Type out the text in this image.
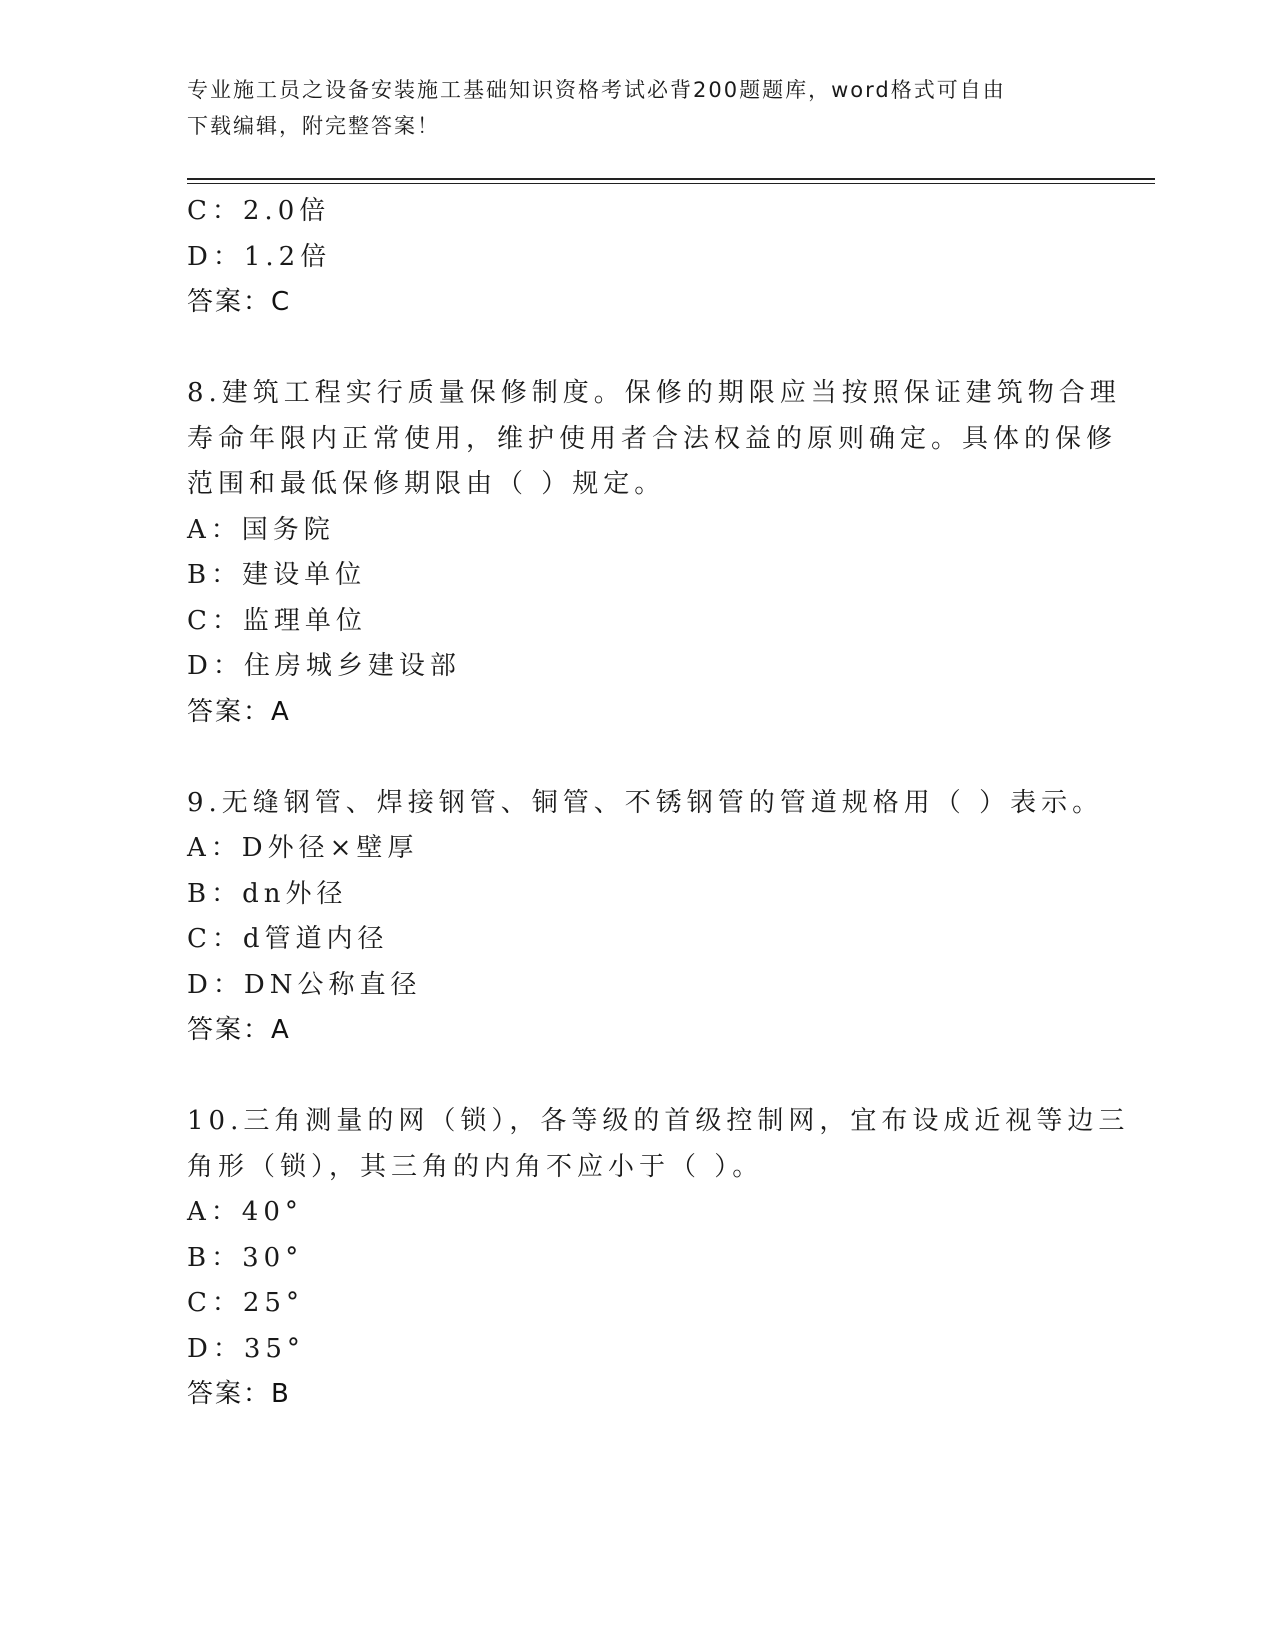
专业施工员之设备安装施工基础知识资格考试必背200题题库，word格式可自由
下载编辑，附完整答案！
C：2.0倍
D：1.2倍
答案：C
8.建筑工程实行质量保修制度。保修的期限应当按照保证建筑物合理
寿命年限内正常使用，维护使用者合法权益的原则确定。具体的保修
范围和最低保修期限由（ ）规定。
A：国务院
B：建设单位
C：监理单位
D：住房城乡建设部
答案：A
9.无缝钢管、焊接钢管、铜管、不锈钢管的管道规格用（ ）表示。
A：D外径×壁厚
B：dn外径
C：d管道内径
D：DN公称直径
答案：A
10.三角测量的网（锁），各等级的首级控制网，宜布设成近视等边三
角形（锁），其三角的内角不应小于（ ）。
A：40°
B：30°
C：25°
D：35°
答案：B
